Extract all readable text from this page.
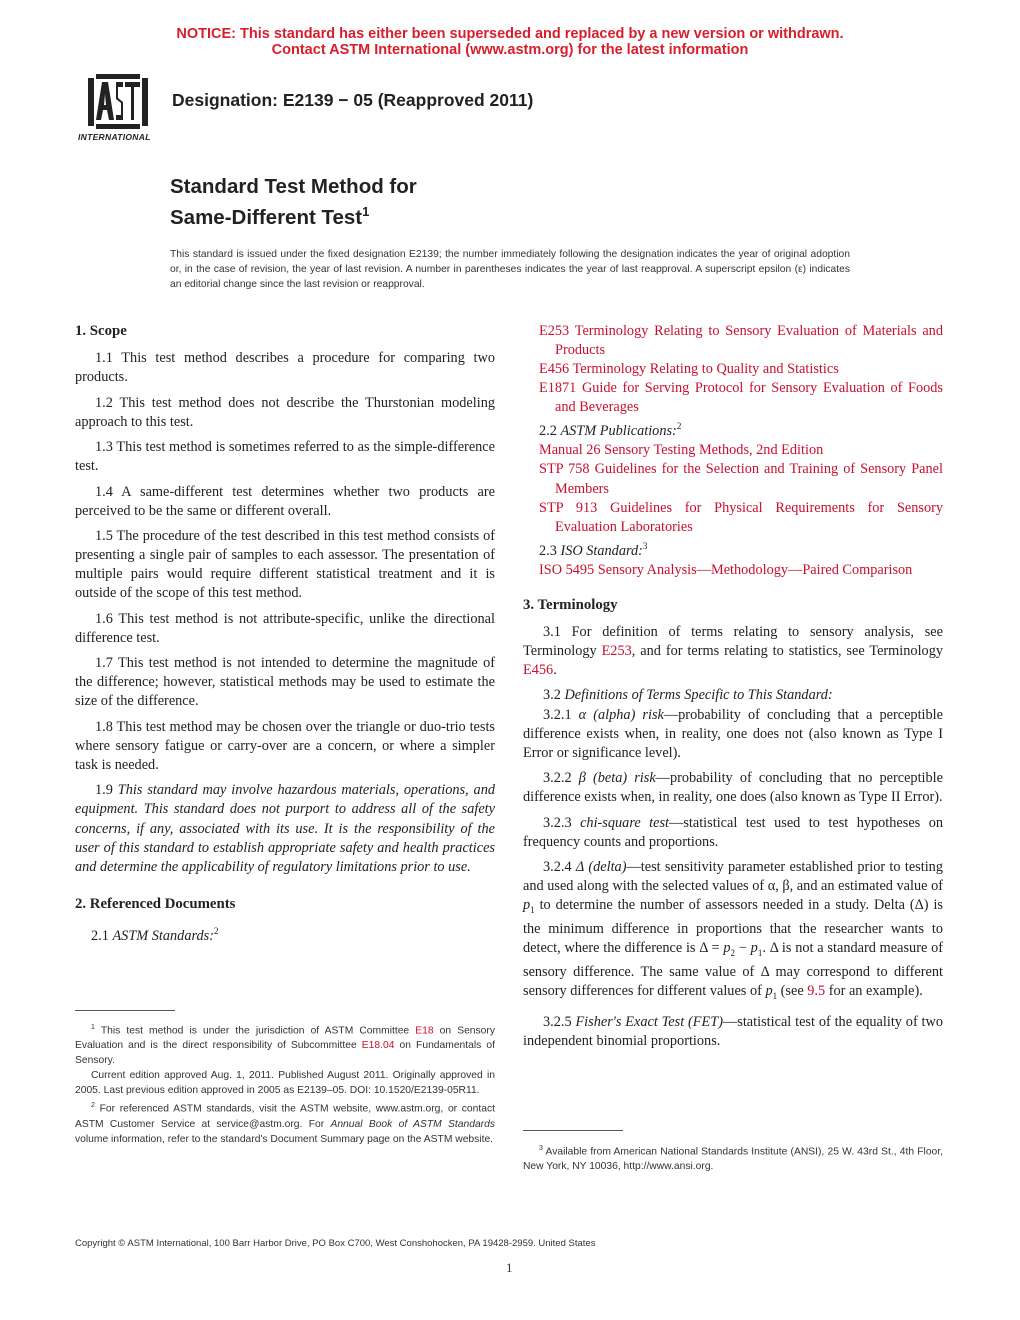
NOTICE: This standard has either been superseded and replaced by a new version or withdrawn.
Contact ASTM International (www.astm.org) for the latest information
INTERNATIONAL
Designation: E2139 − 05 (Reapproved 2011)
Standard Test Method for
Same-Different Test$^1$
This standard is issued under the fixed designation E2139; the number immediately following the designation indicates the year of original adoption or, in the case of revision, the year of last revision. A number in parentheses indicates the year of last reapproval. A superscript epsilon (ε) indicates an editorial change since the last revision or reapproval.
1. Scope

1.1 This test method describes a procedure for comparing two products.

1.2 This test method does not describe the Thurstonian modeling approach to this test.

1.3 This test method is sometimes referred to as the simple-difference test.

1.4 A same-different test determines whether two products are perceived to be the same or different overall.

1.5 The procedure of the test described in this test method consists of presenting a single pair of samples to each assessor. The presentation of multiple pairs would require different statistical treatment and it is outside of the scope of this test method.

1.6 This test method is not attribute-specific, unlike the directional difference test.

1.7 This test method is not intended to determine the magnitude of the difference; however, statistical methods may be used to estimate the size of the difference.

1.8 This test method may be chosen over the triangle or duo-trio tests where sensory fatigue or carry-over are a concern, or where a simpler task is needed.

1.9 This standard may involve hazardous materials, operations, and equipment. This standard does not purport to address all of the safety concerns, if any, associated with its use. It is the responsibility of the user of this standard to establish appropriate safety and health practices and determine the applicability of regulatory limitations prior to use.

2. Referenced Documents
2.1 ASTM Standards:$^2$

$^1$ This test method is under the jurisdiction of ASTM Committee E18 on Sensory Evaluation and is the direct responsibility of Subcommittee E18.04 on Fundamentals of Sensory.

Current edition approved Aug. 1, 2011. Published August 2011. Originally approved in 2005. Last previous edition approved in 2005 as E2139–05. DOI: 10.1520/E2139-05R11.

$^2$ For referenced ASTM standards, visit the ASTM website, www.astm.org, or contact ASTM Customer Service at service@astm.org. For Annual Book of ASTM Standards volume information, refer to the standard's Document Summary page on the ASTM website.

E253 Terminology Relating to Sensory Evaluation of Materials and Products
E456 Terminology Relating to Quality and Statistics
E1871 Guide for Serving Protocol for Sensory Evaluation of Foods and Beverages
2.2 ASTM Publications:$^2$
Manual 26 Sensory Testing Methods, 2nd Edition
STP 758 Guidelines for the Selection and Training of Sensory Panel Members
STP 913 Guidelines for Physical Requirements for Sensory Evaluation Laboratories
2.3 ISO Standard:$^3$
ISO 5495 Sensory Analysis—Methodology—Paired Comparison
3. Terminology

3.1 For definition of terms relating to sensory analysis, see Terminology E253, and for terms relating to statistics, see Terminology E456.

3.2 Definitions of Terms Specific to This Standard:

3.2.1 α (alpha) risk—probability of concluding that a perceptible difference exists when, in reality, one does not (also known as Type I Error or significance level).

3.2.2 β (beta) risk—probability of concluding that no perceptible difference exists when, in reality, one does (also known as Type II Error).

3.2.3 chi-square test—statistical test used to test hypotheses on frequency counts and proportions.

3.2.4 Δ (delta)—test sensitivity parameter established prior to testing and used along with the selected values of α, β, and an estimated value of $p_1$ to determine the number of assessors needed in a study. Delta (Δ) is the minimum difference in proportions that the researcher wants to detect, where the difference is $\Delta = p_2 - p_1$. Δ is not a standard measure of sensory difference. The same value of Δ may correspond to different sensory differences for different values of $p_1$ (see 9.5 for an example).

3.2.5 Fisher's Exact Test (FET)—statistical test of the equality of two independent binomial proportions.

$^3$ Available from American National Standards Institute (ANSI), 25 W. 43rd St., 4th Floor, New York, NY 10036, http://www.ansi.org.

Copyright © ASTM International, 100 Barr Harbor Drive, PO Box C700, West Conshohocken, PA 19428-2959. United States
1
